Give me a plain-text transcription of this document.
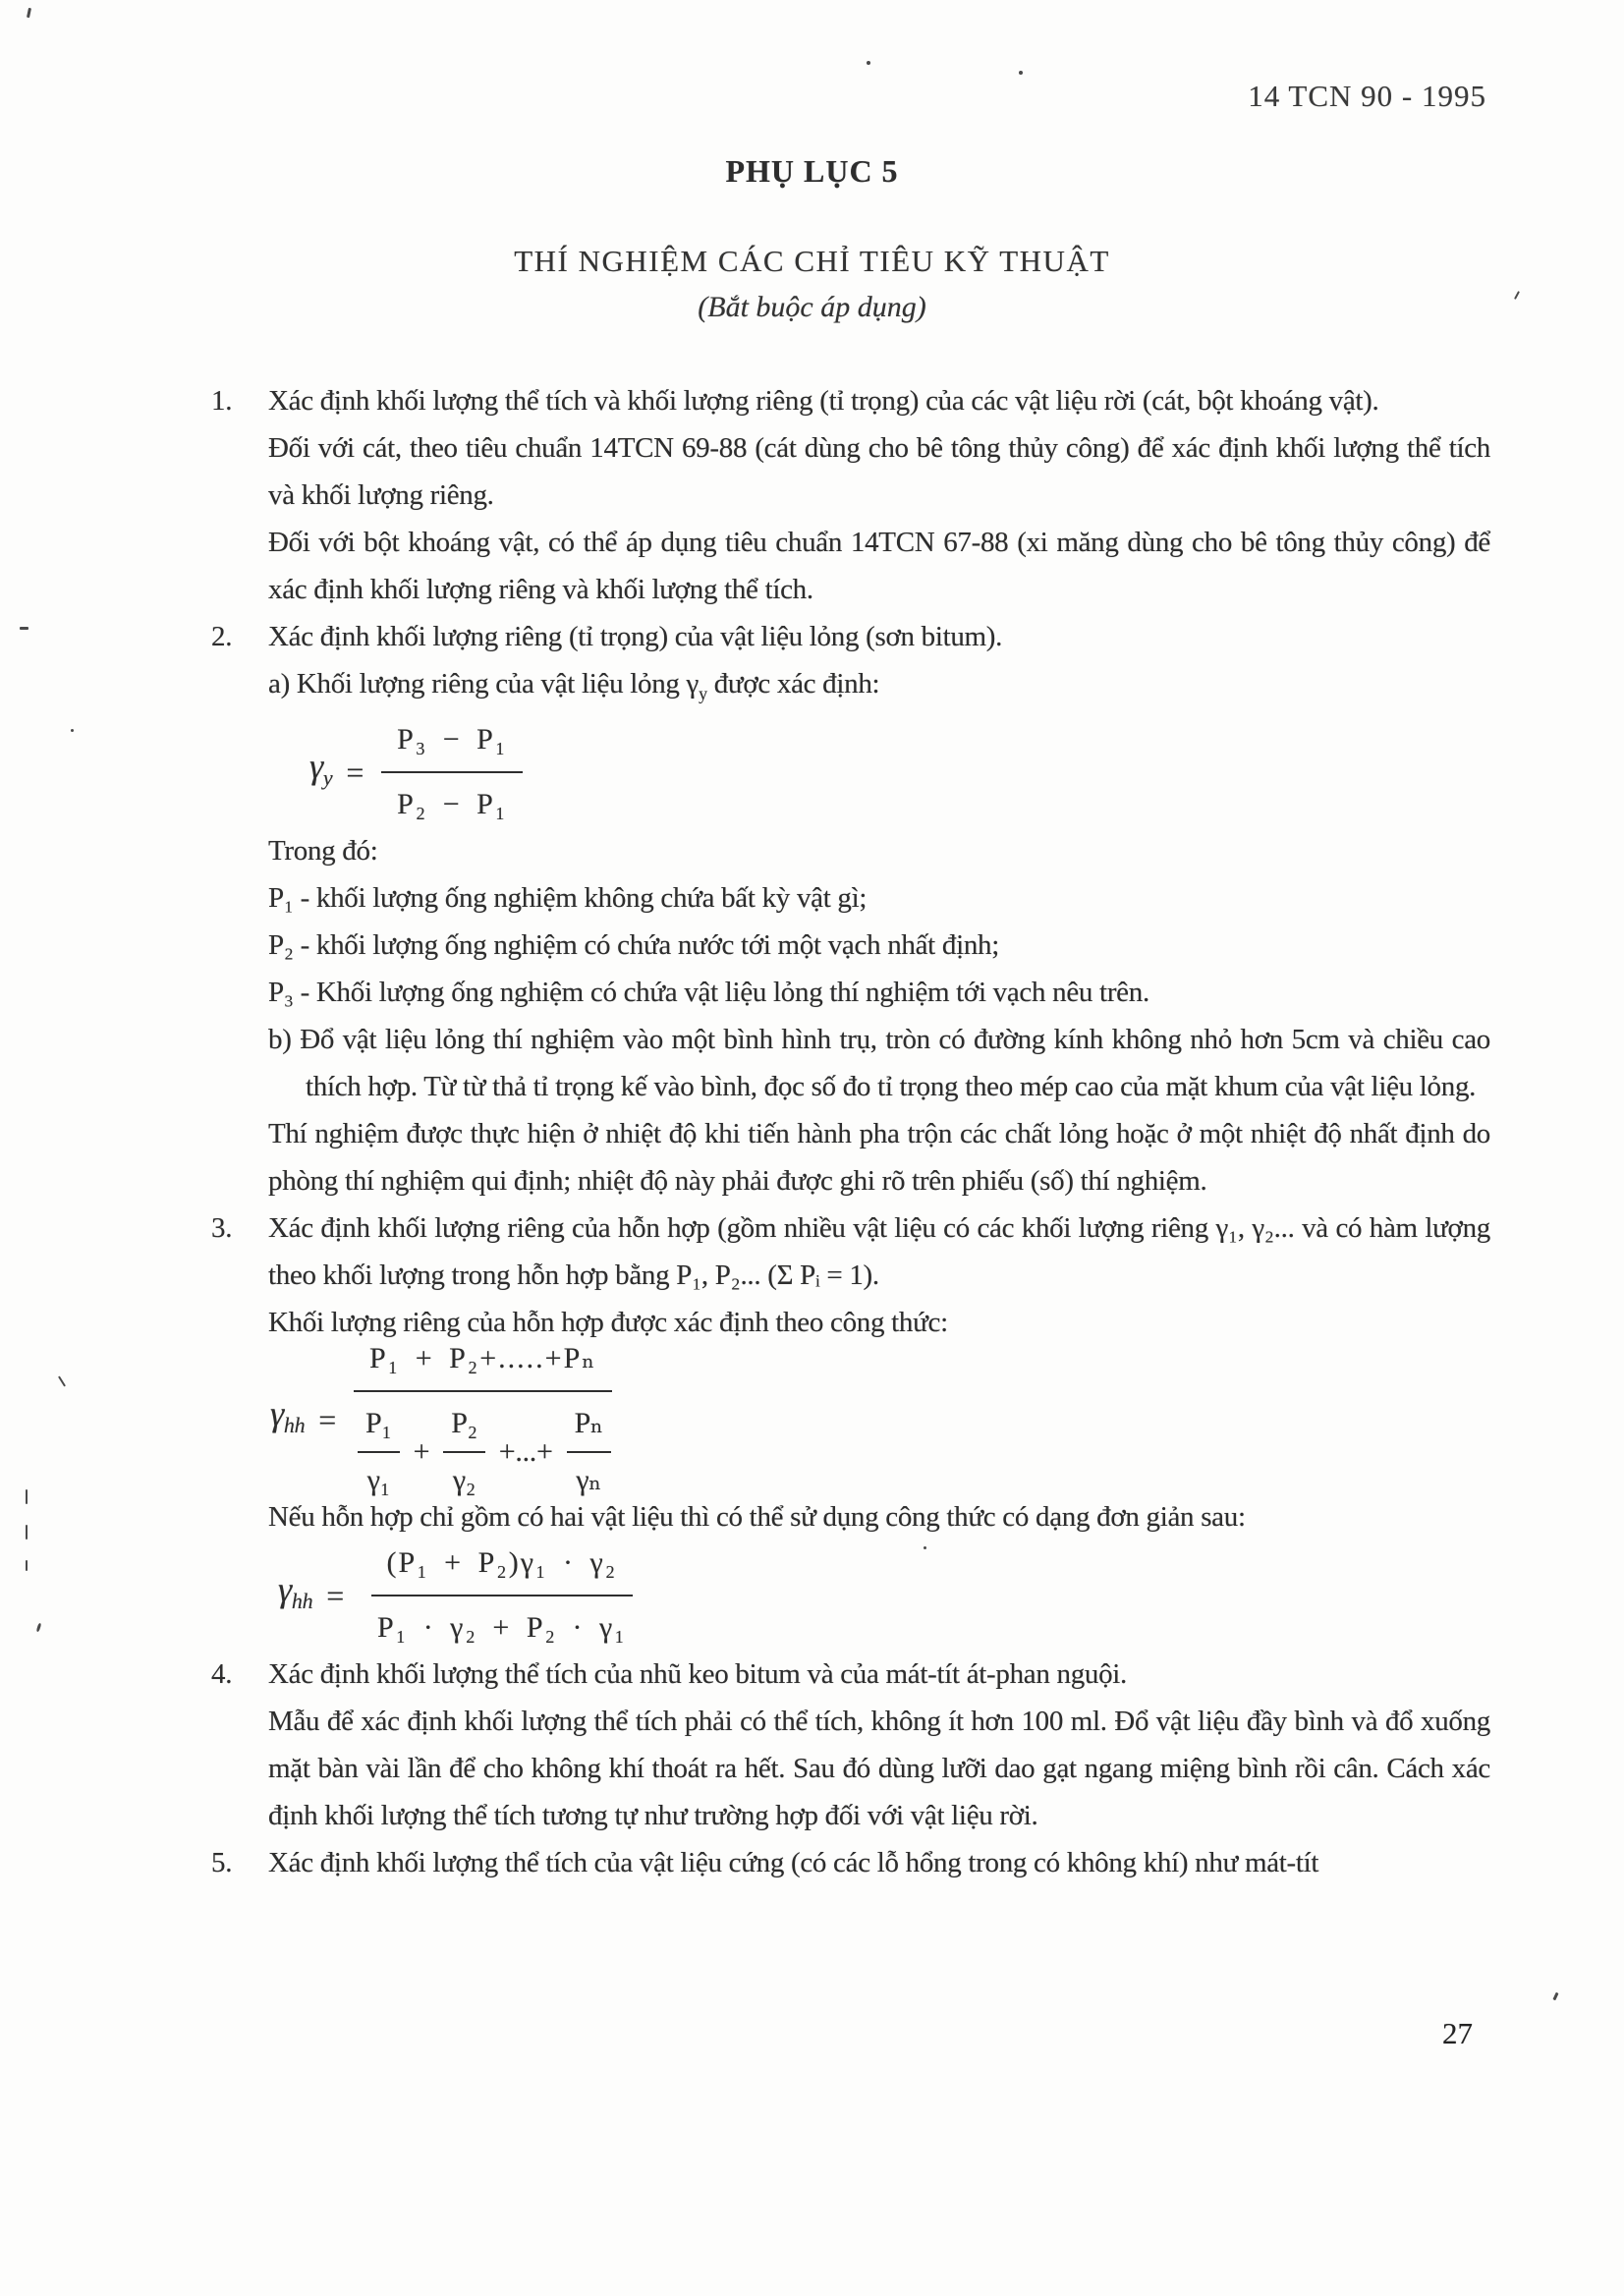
14 TCN 90 - 1995
PHỤ LỤC 5
THÍ NGHIỆM CÁC CHỈ TIÊU KỸ THUẬT
(Bắt buộc áp dụng)
1. Xác định khối lượng thể tích và khối lượng riêng (tỉ trọng) của các vật liệu rời (cát, bột khoáng vật).

Đối với cát, theo tiêu chuẩn 14TCN 69-88 (cát dùng cho bê tông thủy công) để xác định khối lượng thể tích và khối lượng riêng.

Đối với bột khoáng vật, có thể áp dụng tiêu chuẩn 14TCN 67-88 (xi măng dùng cho bê tông thủy công) để xác định khối lượng riêng và khối lượng thể tích.

2. Xác định khối lượng riêng (tỉ trọng) của vật liệu lỏng (sơn bitum).

a) Khối lượng riêng của vật liệu lỏng $\gamma_y$ được xác định:

$\gamma_y = \frac{\text{P₃ − P₁}}{\text{P₂ − P₁}}$

Trong đó:

P₁ - khối lượng ống nghiệm không chứa bất kỳ vật gì;

P₂ - khối lượng ống nghiệm có chứa nước tới một vạch nhất định;

P₃ - Khối lượng ống nghiệm có chứa vật liệu lỏng thí nghiệm tới vạch nêu trên.

b) Đổ vật liệu lỏng thí nghiệm vào một bình hình trụ, tròn có đường kính không nhỏ hơn 5cm và chiều cao thích hợp. Từ từ thả tỉ trọng kế vào bình, đọc số đo tỉ trọng theo mép cao của mặt khum của vật liệu lỏng.

Thí nghiệm được thực hiện ở nhiệt độ khi tiến hành pha trộn các chất lỏng hoặc ở một nhiệt độ nhất định do phòng thí nghiệm qui định; nhiệt độ này phải được ghi rõ trên phiếu (số) thí nghiệm.

3. Xác định khối lượng riêng của hỗn hợp (gồm nhiều vật liệu có các khối lượng riêng γ₁, γ₂... và có hàm lượng theo khối lượng trong hỗn hợp bằng P₁, P₂... (Σ Pᵢ = 1).

Khối lượng riêng của hỗn hợp được xác định theo công thức:

$\gamma_{hh}$ =
P₁ + P₂+.....+Pₙ
$\frac{\text{P₁}}{\text{γ₁}} + \frac{\text{P₂}}{\text{γ₂}}$ +...+ $\frac{\text{Pₙ}}{\text{γₙ}}$

Nếu hỗn hợp chỉ gồm có hai vật liệu thì có thể sử dụng công thức có dạng đơn giản sau:

$\gamma_{hh} = \frac{\text{(P₁ + P₂)γ₁ · γ₂}}{\text{P₁ · γ₂ + P₂ · γ₁}}$
4. Xác định khối lượng thể tích của nhũ keo bitum và của mát-tít át-phan nguội.

Mẫu để xác định khối lượng thể tích phải có thể tích, không ít hơn 100 ml. Đổ vật liệu đầy bình và đổ xuống mặt bàn vài lần để cho không khí thoát ra hết. Sau đó dùng lưỡi dao gạt ngang miệng bình rồi cân. Cách xác định khối lượng thể tích tương tự như trường hợp đối với vật liệu rời.

5. Xác định khối lượng thể tích của vật liệu cứng (có các lỗ hổng trong có không khí) như mát-tít

27
